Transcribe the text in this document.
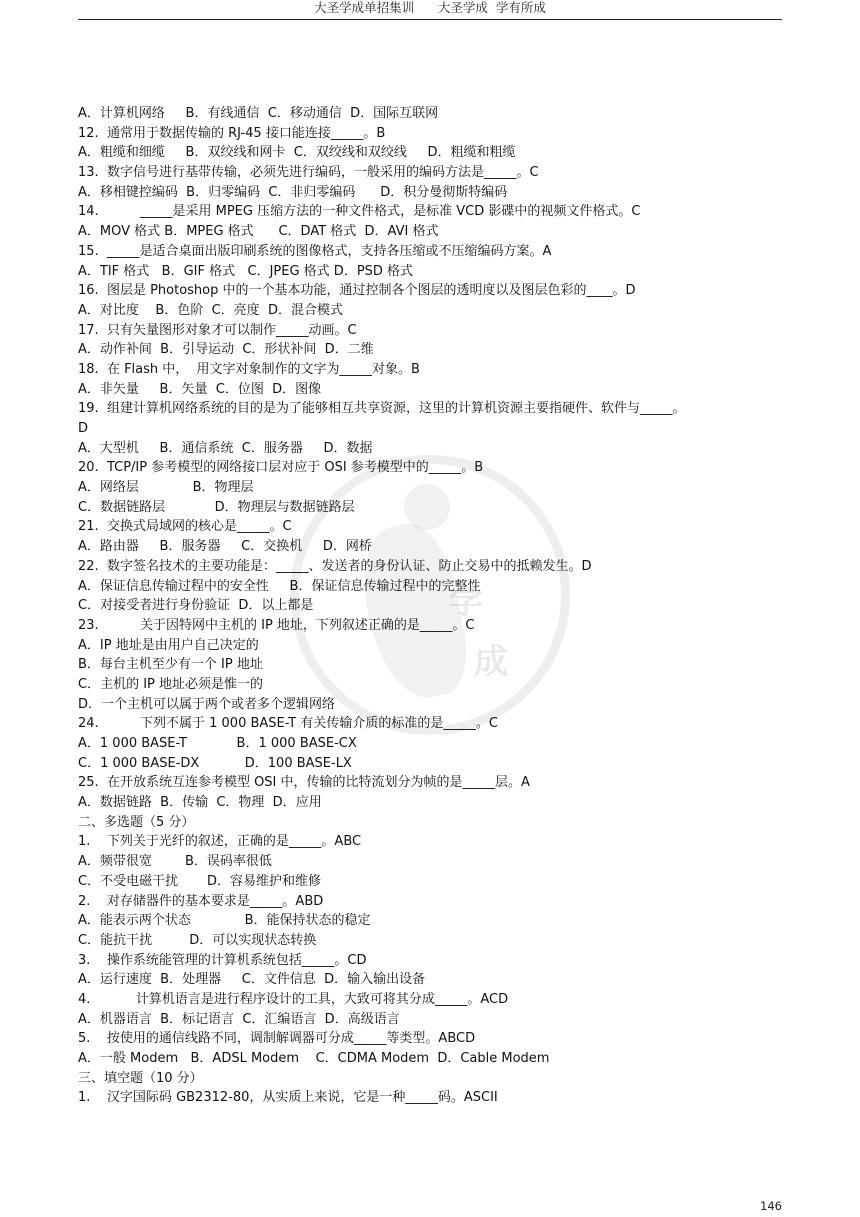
大圣学成单招集训      大圣学成  学有所成
学
成
A．计算机网络     B．有线通信  C．移动通信  D．国际互联网
12.  通常用于数据传输的 RJ-45 接口能连接_____。B
A．粗缆和细缆     B．双绞线和网卡  C．双绞线和双绞线     D．粗缆和粗缆
13.  数字信号进行基带传输，必须先进行编码，一般采用的编码方法是_____。C
A．移相键控编码  B．归零编码  C．非归零编码      D．积分曼彻斯特编码
14.          _____是采用 MPEG 压缩方法的一种文件格式，是标准 VCD 影碟中的视频文件格式。C
A．MOV 格式 B．MPEG 格式      C．DAT 格式  D．AVI 格式
15.  _____是适合桌面出版印刷系统的图像格式，支持各压缩或不压缩编码方案。A
A．TIF 格式   B．GIF 格式   C．JPEG 格式 D．PSD 格式
16.  图层是 Photoshop 中的一个基本功能，通过控制各个图层的透明度以及图层色彩的____。D
A．对比度    B．色阶  C．亮度  D．混合模式
17.  只有矢量图形对象才可以制作_____动画。C
A．动作补间  B．引导运动  C．形状补间  D．二维
18.  在 Flash 中，  用文字对象制作的文字为_____对象。B
A．非矢量     B．矢量  C．位图  D．图像
19.  组建计算机网络系统的目的是为了能够相互共享资源，这里的计算机资源主要指硬件、软件与_____。
D
A．大型机     B．通信系统  C．服务器     D．数据
20.  TCP/IP 参考模型的网络接口层对应于 OSI 参考模型中的_____。B
A．网络层             B．物理层
C．数据链路层            D．物理层与数据链路层
21.  交换式局域网的核心是_____。C
A．路由器     B．服务器     C．交换机     D．网桥
22.  数字签名技术的主要功能是：_____、发送者的身份认证、防止交易中的抵赖发生。D
A．保证信息传输过程中的安全性     B．保证信息传输过程中的完整性
C．对接受者进行身份验证  D．以上都是
23.          关于因特网中主机的 IP 地址，下列叙述正确的是_____。C
A．IP 地址是由用户自己决定的
B．每台主机至少有一个 IP 地址
C．主机的 IP 地址必须是惟一的
D．一个主机可以属于两个或者多个逻辑网络
24.          下列不属于 1 000 BASE-T 有关传输介质的标准的是_____。C
A．1 000 BASE-T            B．1 000 BASE-CX
C．1 000 BASE-DX           D．100 BASE-LX
25.  在开放系统互连参考模型 OSI 中，传输的比特流划分为帧的是_____层。A
A．数据链路  B．传输  C．物理  D．应用
二、多选题（5 分）
1.    下列关于光纤的叙述，正确的是_____。ABC
A．频带很宽        B．误码率很低
C．不受电磁干扰       D．容易维护和维修
2.    对存储器件的基本要求是_____。ABD
A．能表示两个状态             B．能保持状态的稳定
C．能抗干扰         D．可以实现状态转换
3.    操作系统能管理的计算机系统包括_____。CD
A．运行速度  B．处理器     C．文件信息  D．输入输出设备
4.           计算机语言是进行程序设计的工具，大致可将其分成_____。ACD
A．机器语言  B．标记语言  C．汇编语言  D．高级语言
5.    按使用的通信线路不同，调制解调器可分成_____等类型。ABCD
A．一般 Modem   B．ADSL Modem    C．CDMA Modem  D．Cable Modem
三、填空题（10 分）
1.    汉字国际码 GB2312-80，从实质上来说，它是一种_____码。ASCII
146
